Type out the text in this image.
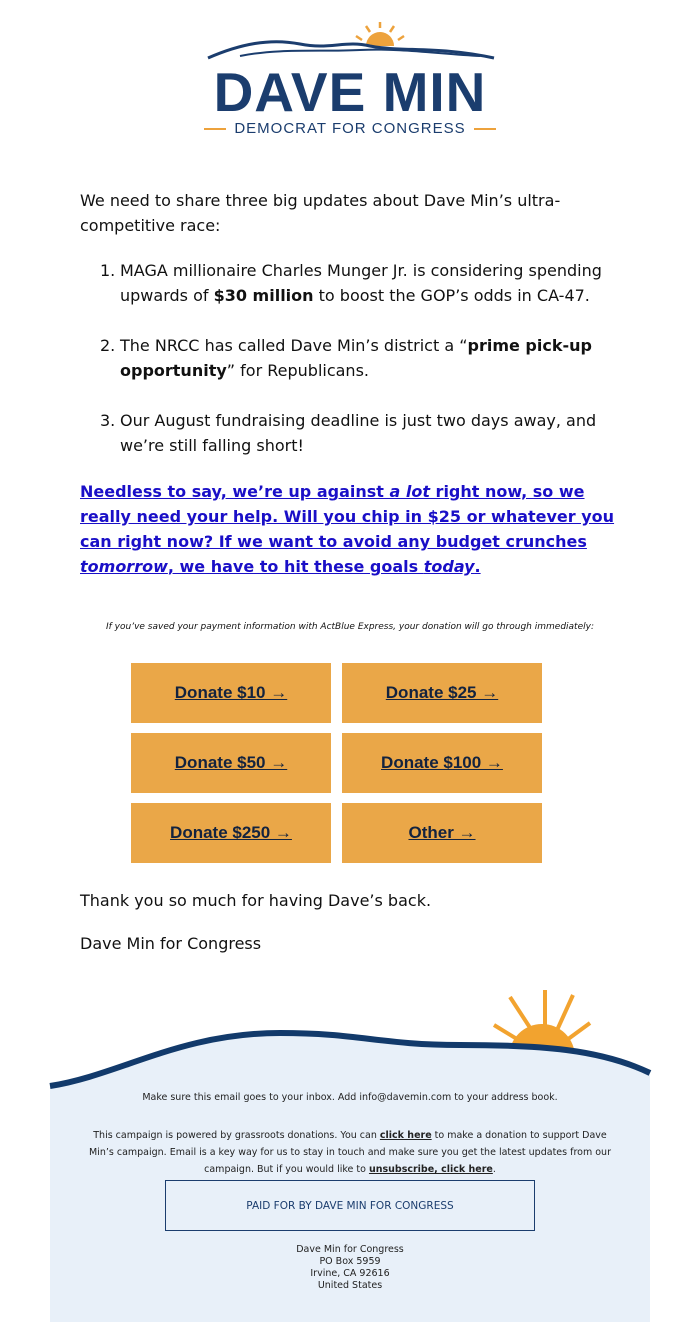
DAVE MIN
DEMOCRAT FOR CONGRESS

We need to share three big updates about Dave Min’s ultra-competitive race:

1. MAGA millionaire Charles Munger Jr. is considering spending upwards of $30 million to boost the GOP’s odds in CA-47.
2. The NRCC has called Dave Min’s district a “prime pick-up opportunity” for Republicans.
3. Our August fundraising deadline is just two days away, and we’re still falling short!
Needless to say, we’re up against a lot right now, so we really need your help. Will you chip in $25 or whatever you can right now? If we want to avoid any budget crunches tomorrow, we have to hit these goals today.
If you’ve saved your payment information with ActBlue Express, your donation will go through immediately:
Donate $10 →	Donate $25 →
Donate $50 →	Donate $100 →
Donate $250 →	Other →
Thank you so much for having Dave’s back.
Dave Min for Congress
Make sure this email goes to your inbox. Add info@davemin.com to your address book.
This campaign is powered by grassroots donations. You can click here to make a donation to support Dave Min’s campaign. Email is a key way for us to stay in touch and make sure you get the latest updates from our campaign. But if you would like to unsubscribe, click here.
PAID FOR BY DAVE MIN FOR CONGRESS
Dave Min for Congress
PO Box 5959
Irvine, CA 92616
United States
